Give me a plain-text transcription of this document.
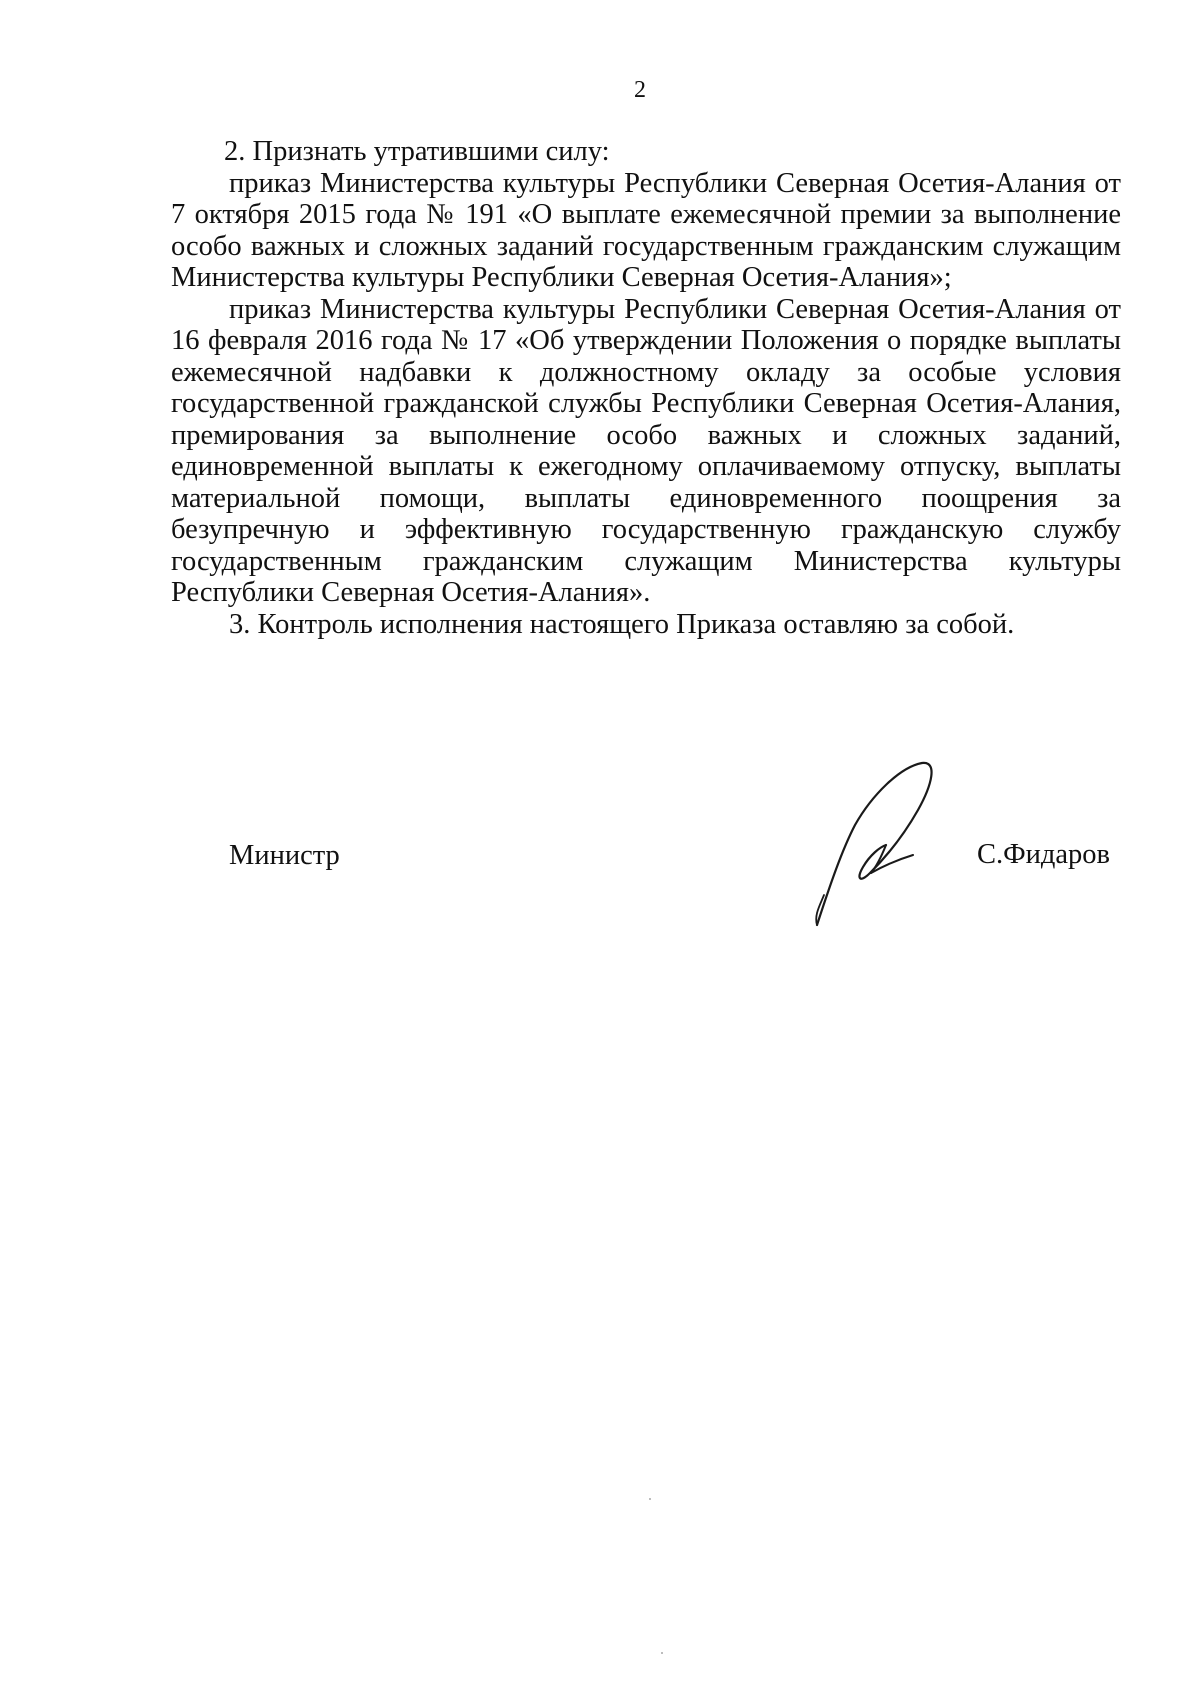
2

2. Признать утратившими силу:

приказ Министерства культуры Республики Северная Осетия-Алания от 7 октября 2015 года № 191 «О выплате ежемесячной премии за выполнение особо важных и сложных заданий государственным гражданским служащим Министерства культуры Республики Северная Осетия-Алания»;

приказ Министерства культуры Республики Северная Осетия-Алания от 16 февраля 2016 года № 17 «Об утверждении Положения о порядке выплаты ежемесячной надбавки к должностному окладу за особые условия государственной гражданской службы Республики Северная Осетия-Алания, премирования за выполнение особо важных и сложных заданий, единовременной выплаты к ежегодному оплачиваемому отпуску, выплаты материальной помощи, выплаты единовременного поощрения за безупречную и эффективную государственную гражданскую службу государственным гражданским служащим Министерства культуры Республики Северная Осетия-Алания».

3. Контроль исполнения настоящего Приказа оставляю за собой.

Министр	С.Фидаров
